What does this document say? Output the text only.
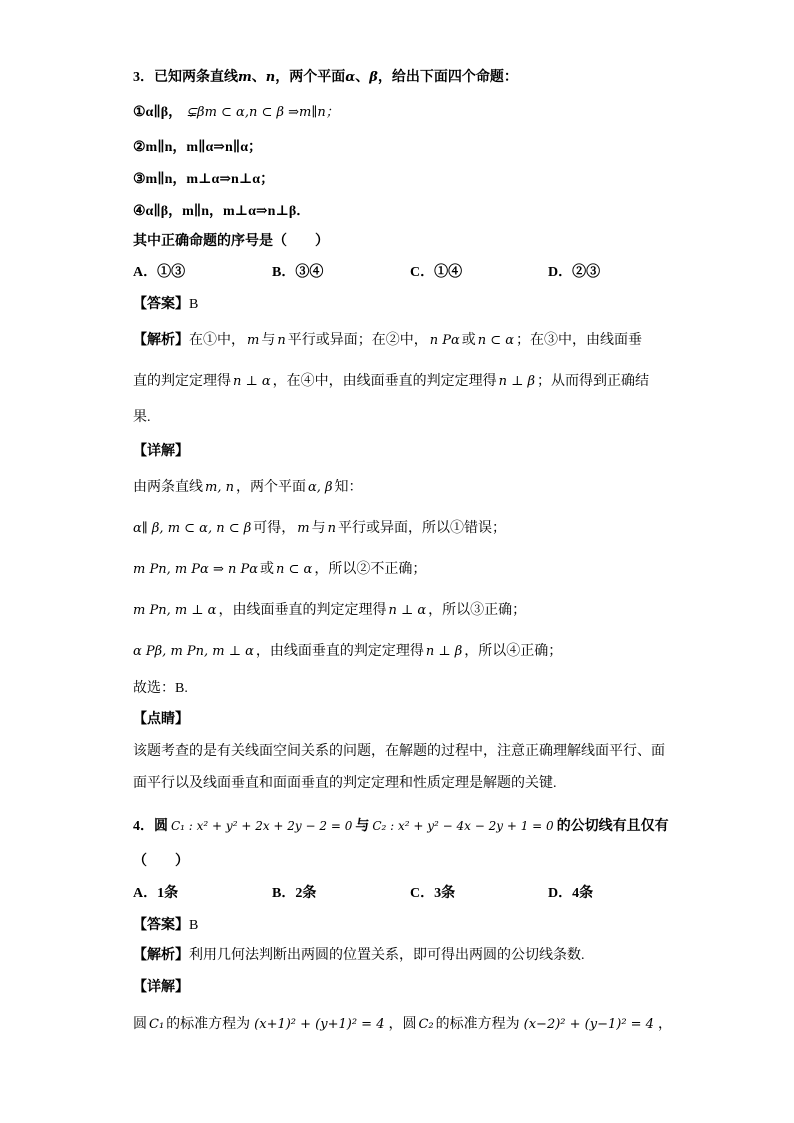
3．已知两条直线m、n，两个平面α、β，给出下面四个命题：
①α∥β， ⊊βm ⊂ α,n ⊂ β ⇒m∥n；
②m∥n，m∥α⇒n∥α；
③m∥n，m⊥α⇒n⊥α；
④α∥β，m∥n，m⊥α⇒n⊥β．
其中正确命题的序号是（　　）
A．①③	B．③④	C．①④	D．②③
【答案】B
【解析】在①中， m 与 n 平行或异面；在②中， n Pα 或 n ⊂ α ；在③中，由线面垂
直的判定定理得 n ⊥ α ，在④中，由线面垂直的判定定理得 n ⊥ β ；从而得到正确结
果.
【详解】
由两条直线 m, n ，两个平面 α, β 知：
α∥ β, m ⊂ α, n ⊂ β 可得， m 与 n 平行或异面，所以①错误；
m Pn, m Pα ⇒ n Pα 或 n ⊂ α ，所以②不正确；
m Pn, m ⊥ α ，由线面垂直的判定定理得 n ⊥ α ，所以③正确；
α Pβ, m Pn, m ⊥ α ，由线面垂直的判定定理得 n ⊥ β ，所以④正确；
故选：B.
【点睛】
该题考查的是有关线面空间关系的问题，在解题的过程中，注意正确理解线面平行、面
面平行以及线面垂直和面面垂直的判定定理和性质定理是解题的关键.
4．圆 C₁ : x² + y² + 2x + 2y − 2 = 0 与 C₂ : x² + y² − 4x − 2y + 1 = 0 的公切线有且仅有
（　　）
A．1条	B．2条	C．3条	D．4条
【答案】B
【解析】利用几何法判断出两圆的位置关系，即可得出两圆的公切线条数.
【详解】
圆 C₁ 的标准方程为 (x+1)² + (y+1)² = 4 ，圆 C₂ 的标准方程为 (x−2)² + (y−1)² = 4 ，
